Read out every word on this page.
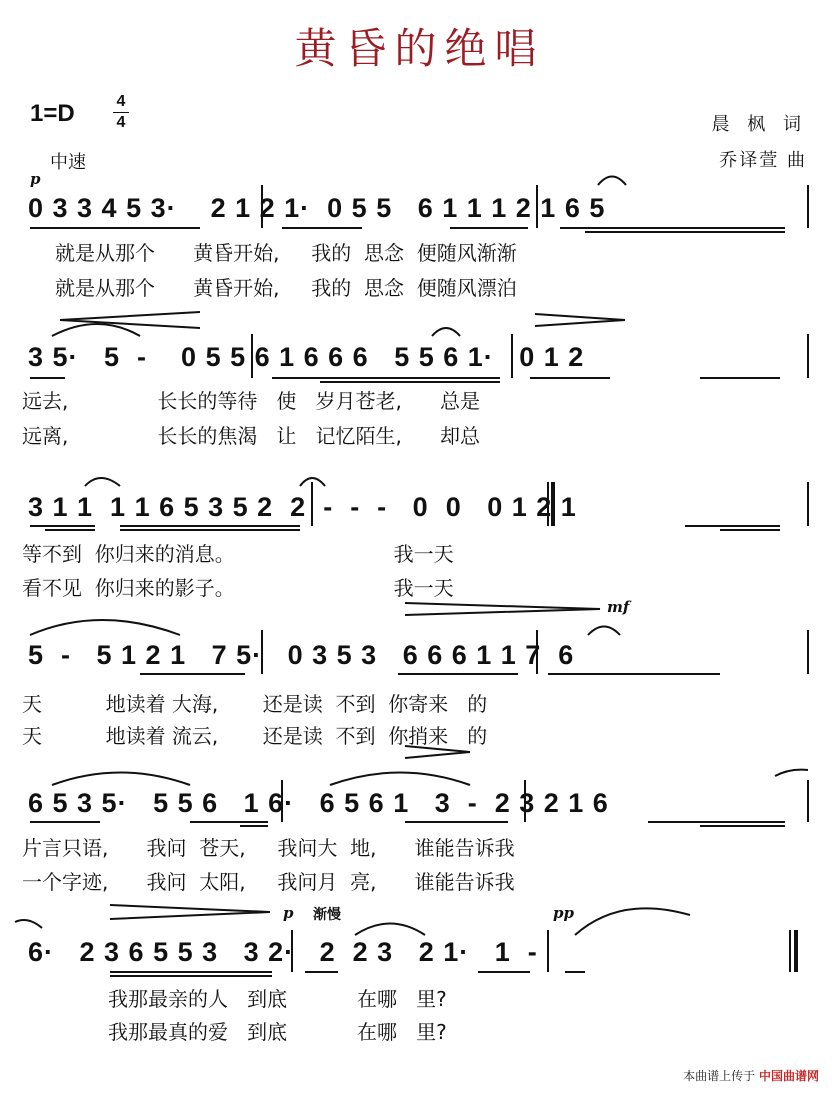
黄昏的绝唱
1=D	4
4	晨 枫 词
乔译萱 曲
中速
p
mf
p 渐慢	pp
0 3 3 4 5 3·    2 1 2 1·  0 5 5   6 1 1 1 2 1 6 5
就是从那个      黄昏开始,     我的  思念  便随风渐渐
就是从那个      黄昏开始,     我的  思念  便随风漂泊
3 5·   5  -    0 5 5 6 1 6 6 6   5 5 6 1·   0 1 2
远去,              长长的等待   使   岁月苍老,      总是
远离,              长长的焦渴   让   记忆陌生,      却总
3 1 1  1 1 6 5 3 5 2  2  -  -  -   0  0   0 1 2 1
等不到  你归来的消息。                         我一天
看不见  你归来的影子。                         我一天
5  -   5 1 2 1   7 5·   0 3 5 3   6 6 6 1 1 7  6
天          地读着 大海,       还是读  不到  你寄来   的
天          地读着 流云,       还是读  不到  你捎来   的
6 5 3 5·   5 5 6   1 6·   6 5 6 1   3  -  2 3 2 1 6
片言只语,      我问  苍天,     我问大  地,      谁能告诉我
一个字迹,      我问  太阳,     我问月  亮,      谁能告诉我
6·   2 3 6 5 5 3   3 2·   2  2 3   2 1·   1  -
我那最亲的人   到底           在哪   里?
我那最真的爱   到底           在哪   里?
本曲谱上传于 中国曲谱网
